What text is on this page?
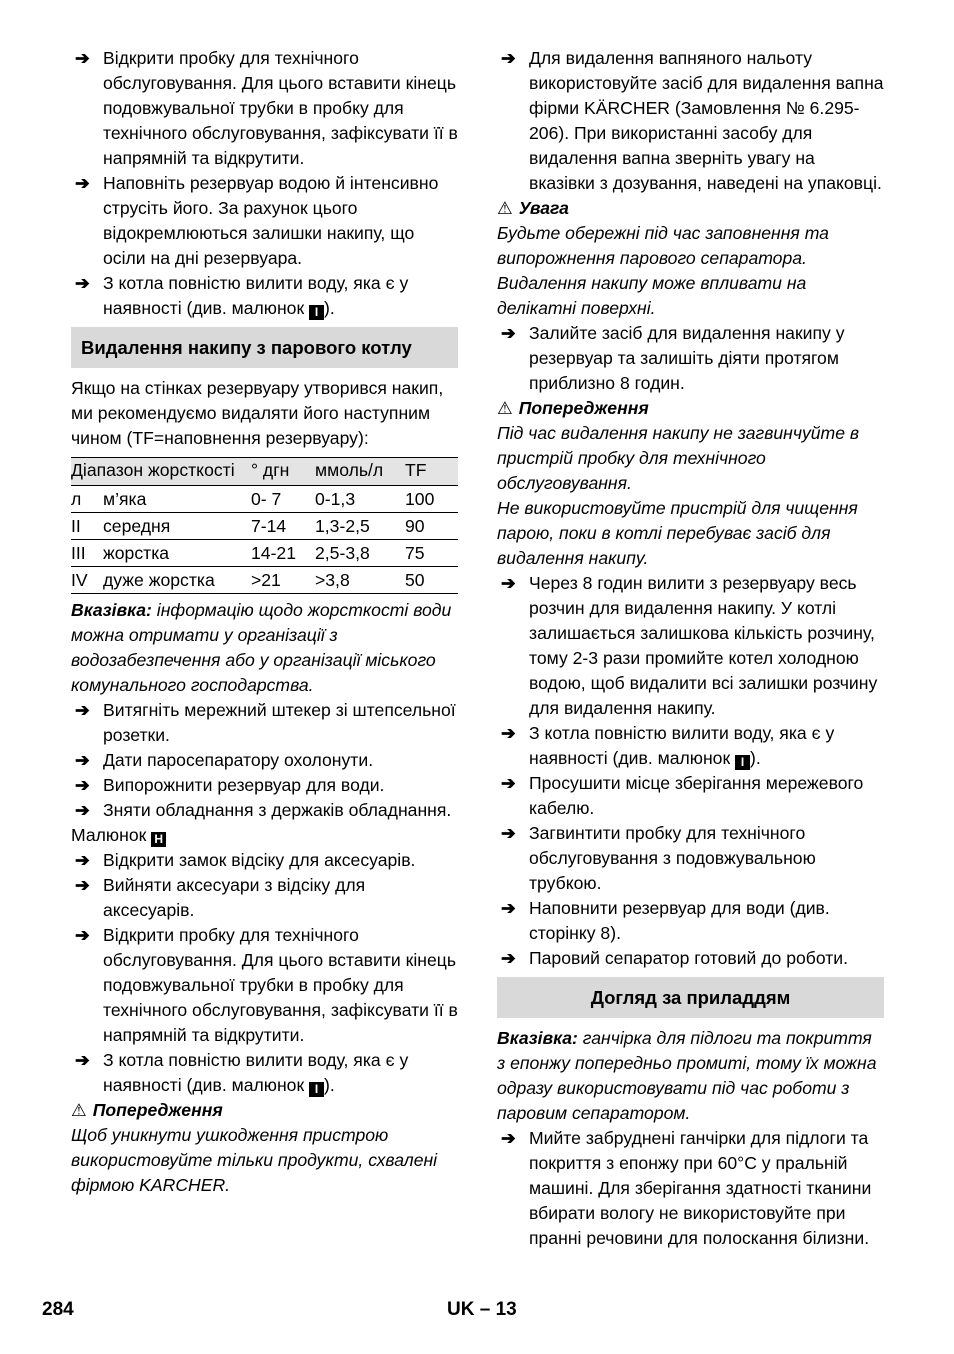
➔ Відкрити пробку для технічного обслуговування. Для цього вставити кінець подовжувальної трубки в пробку для технічного обслуговування, зафіксувати її в напрямній та відкрутити.
➔ Наповніть резервуар водою й інтенсивно струсіть його. За рахунок цього відокремлюються залишки накипу, що осіли на дні резервуара.
➔ З котла повністю вилити воду, яка є у наявності (див. малюнок I ).
Видалення накипу з парового котлу

Якщо на стінках резервуару утворився накип, ми рекомендуємо видаляти його наступним чином (TF=наповнення резервуару):

Діапазон жорсткості		° дгн	ммоль/л	TF
л	м’яка	0- 7	0-1,3	100
II	середня	7-14	1,3-2,5	90
III	жорстка	14-21	2,5-3,8	75
IV	дуже жорстка	>21	>3,8	50

Вказівка: інформацію щодо жорсткості води можна отримати у організації з водозабезпечення або у організації міського комунального господарства.

➔ Витягніть мережний штекер зі штепсельної розетки.
➔ Дати паросепаратору охолонути.
➔ Випорожнити резервуар для води.
➔ Зняти обладнання з держаків обладнання.

Малюнок H

➔ Відкрити замок відсіку для аксесуарів.
➔ Вийняти аксесуари з відсіку для аксесуарів.
➔ Відкрити пробку для технічного обслуговування. Для цього вставити кінець подовжувальної трубки в пробку для технічного обслуговування, зафіксувати її в напрямній та відкрутити.
➔ З котла повністю вилити воду, яка є у наявності (див. малюнок I ).
⚠ Попередження

Щоб уникнути ушкодження пристрою використовуйте тільки продукти, схвалені фірмою KARCHER.

➔ Для видалення вапняного нальоту використовуйте засіб для видалення вапна фірми KÄRCHER (Замовлення № 6.295-206). При використанні засобу для видалення вапна зверніть увагу на вказівки з дозування, наведені на упаковці.
⚠ Увага

Будьте обережні під час заповнення та випорожнення парового сепаратора. Видалення накипу може впливати на делікатні поверхні.

➔ Залийте засіб для видалення накипу у резервуар та залишіть діяти протягом приблизно 8 годин.
⚠ Попередження

Під час видалення накипу не загвинчуйте в пристрій пробку для технічного обслуговування.

Не використовуйте пристрій для чищення парою, поки в котлі перебуває засіб для видалення накипу.

➔ Через 8 годин вилити з резервуару весь розчин для видалення накипу. У котлі залишається залишкова кількість розчину, тому 2-3 рази промийте котел холодною водою, щоб видалити всі залишки розчину для видалення накипу.
➔ З котла повністю вилити воду, яка є у наявності (див. малюнок I ).
➔ Просушити місце зберігання мережевого кабелю.
➔ Загвинтити пробку для технічного обслуговування з подовжувальною трубкою.
➔ Наповнити резервуар для води (див. сторінку 8).
➔ Паровий сепаратор готовий до роботи.
Догляд за приладдям

Вказівка: ганчірка для підлоги та покриття з епонжу попередньо промиті, тому їх можна одразу використовувати під час роботи з паровим сепаратором.

➔ Мийте забруднені ганчірки для підлоги та покриття з епонжу при 60°C у пральній машині. Для зберігання здатності тканини вбирати вологу не використовуйте при пранні речовини для полоскання білизни.
284	UK – 13
